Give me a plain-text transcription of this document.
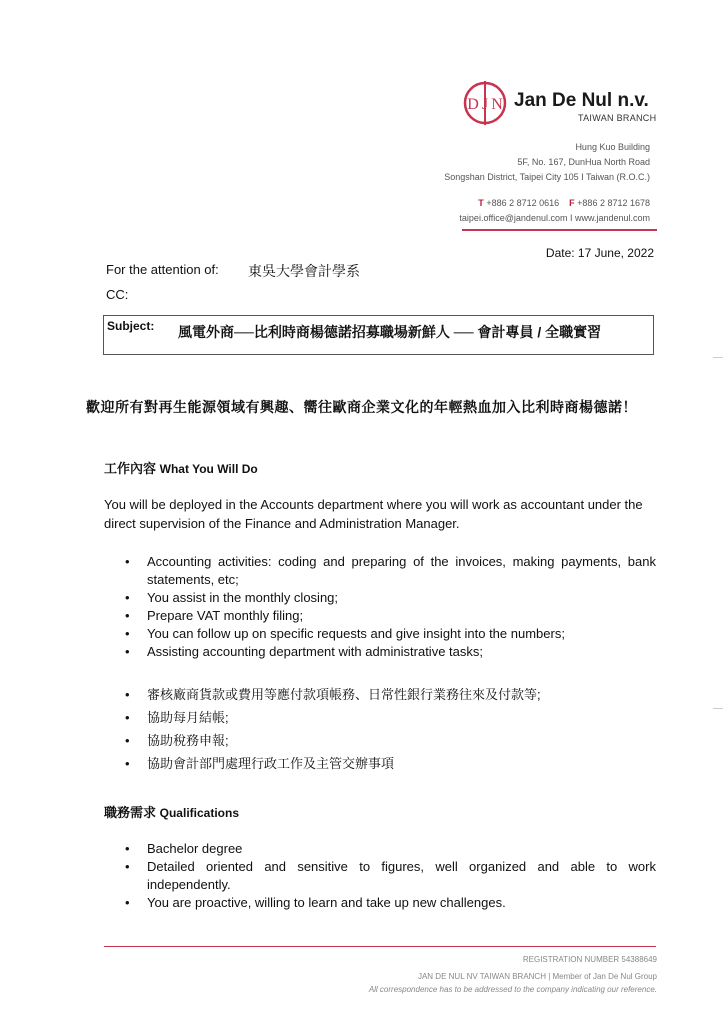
D J N Jan De Nul n.v.
TAIWAN BRANCH
Hung Kuo Building
5F, No. 167, DunHua North Road
Songshan District, Taipei City 105 I Taiwan (R.O.C.)
T +886 2 8712 0616 F +886 2 8712 1678
taipei.office@jandenul.com I www.jandenul.com
Date: 17 June, 2022
For the attention of: 東吳大學會計學系
CC:
Subject: 風電外商──比利時商楊德諾招募職場新鮮人 ── 會計專員 / 全職實習
歡迎所有對再生能源領域有興趣、嚮往歐商企業文化的年輕熱血加入比利時商楊德諾！
工作內容 What You Will Do
You will be deployed in the Accounts department where you will work as accountant under the direct supervision of the Finance and Administration Manager.
• Accounting activities: coding and preparing of the invoices, making payments, bank statements, etc;
• You assist in the monthly closing;
• Prepare VAT monthly filing;
• You can follow up on specific requests and give insight into the numbers;
• Assisting accounting department with administrative tasks;
• 審核廠商貨款或費用等應付款項帳務、日常性銀行業務往來及付款等;
• 協助每月結帳;
• 協助稅務申報;
• 協助會計部門處理行政工作及主管交辦事項
職務需求 Qualifications
• Bachelor degree
• Detailed oriented and sensitive to figures, well organized and able to work independently.
• You are proactive, willing to learn and take up new challenges.
REGISTRATION NUMBER 54388649
JAN DE NUL NV TAIWAN BRANCH | Member of Jan De Nul Group
All correspondence has to be addressed to the company indicating our reference.
